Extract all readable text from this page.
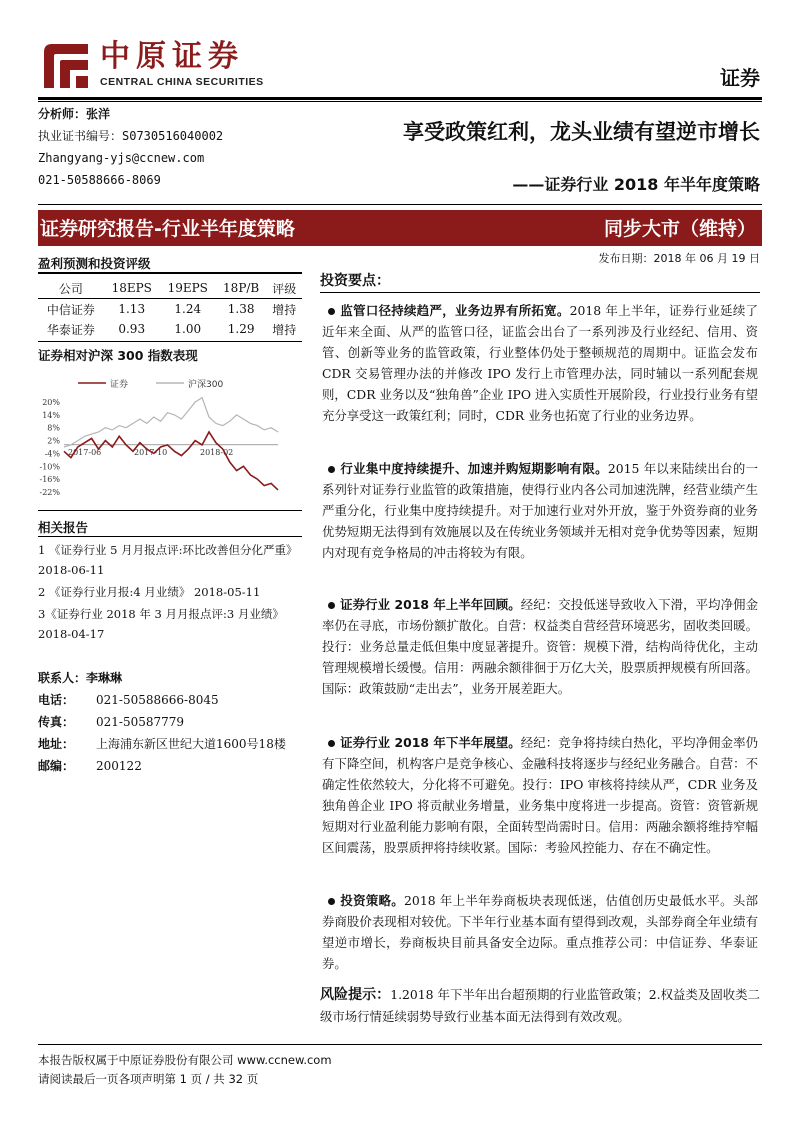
中原证券
CENTRAL CHINA SECURITIES	证券
分析师：张洋
执业证书编号：S0730516040002
Zhangyang-yjs@ccnew.com
021-50588666-8069
享受政策红利，龙头业绩有望逆市增长
——证券行业 2018 年半年度策略
证券研究报告-行业半年度策略	同步大市（维持）
发布日期：2018 年 06 月 19 日
盈利预测和投资评级
公司	18EPS	19EPS	18P/B	评级
中信证券	1.13	1.24	1.38	增持
华泰证券	0.93	1.00	1.29	增持
证券相对沪深 300 指数表现
证券	沪深300
20%
14%
8%
2%
-4%
-10%
-16%
-22%
2017-06	2017-10	2018-02
相关报告
1 《证券行业 5 月月报点评:环比改善但分化严重》 2018-06-11
2 《证券行业月报:4 月业绩》 2018-05-11
3《证券行业 2018 年 3 月月报点评:3 月业绩》 2018-04-17
联系人：李琳琳
电话： 021-50588666-8045
传真： 021-50587779
地址： 上海浦东新区世纪大道1600号18楼
邮编： 200122
投资要点：
监管口径持续趋严，业务边界有所拓宽。2018 年上半年，证券行业延续了近年来全面、从严的监管口径，证监会出台了一系列涉及行业经纪、信用、资管、创新等业务的监管政策，行业整体仍处于整顿规范的周期中。证监会发布 CDR 交易管理办法的并修改 IPO 发行上市管理办法，同时辅以一系列配套规则，CDR 业务以及“独角兽”企业 IPO 进入实质性开展阶段，行业投行业务有望充分享受这一政策红利；同时，CDR 业务也拓宽了行业的业务边界。
行业集中度持续提升、加速并购短期影响有限。2015 年以来陆续出台的一系列针对证券行业监管的政策措施，使得行业内各公司加速洗牌，经营业绩产生严重分化，行业集中度持续提升。对于加速行业对外开放，鉴于外资券商的业务优势短期无法得到有效施展以及在传统业务领域并无相对竞争优势等因素，短期内对现有竞争格局的冲击将较为有限。
证券行业 2018 年上半年回顾。经纪：交投低迷导致收入下滑，平均净佣金率仍在寻底，市场份额扩散化。自营：权益类自营经营环境恶劣，固收类回暖。投行：业务总量走低但集中度显著提升。资管：规模下滑，结构尚待优化，主动管理规模增长缓慢。信用：两融余额徘徊于万亿大关，股票质押规模有所回落。国际：政策鼓励“走出去”，业务开展差距大。
证券行业 2018 年下半年展望。经纪：竞争将持续白热化，平均净佣金率仍有下降空间，机构客户是竞争核心、金融科技将逐步与经纪业务融合。自营：不确定性依然较大，分化将不可避免。投行：IPO 审核将持续从严，CDR 业务及独角兽企业 IPO 将贡献业务增量，业务集中度将进一步提高。资管：资管新规短期对行业盈利能力影响有限，全面转型尚需时日。信用：两融余额将维持窄幅区间震荡，股票质押将持续收紧。国际：考验风控能力、存在不确定性。
投资策略。2018 年上半年券商板块表现低迷，估值创历史最低水平。头部券商股价表现相对较优。下半年行业基本面有望得到改观，头部券商全年业绩有望逆市增长，券商板块目前具备安全边际。重点推荐公司：中信证券、华泰证券。
风险提示：1.2018 年下半年出台超预期的行业监管政策；2.权益类及固收类二级市场行情延续弱势导致行业基本面无法得到有效改观。
本报告版权属于中原证券股份有限公司 www.ccnew.com
请阅读最后一页各项声明第 1 页 / 共 32 页
